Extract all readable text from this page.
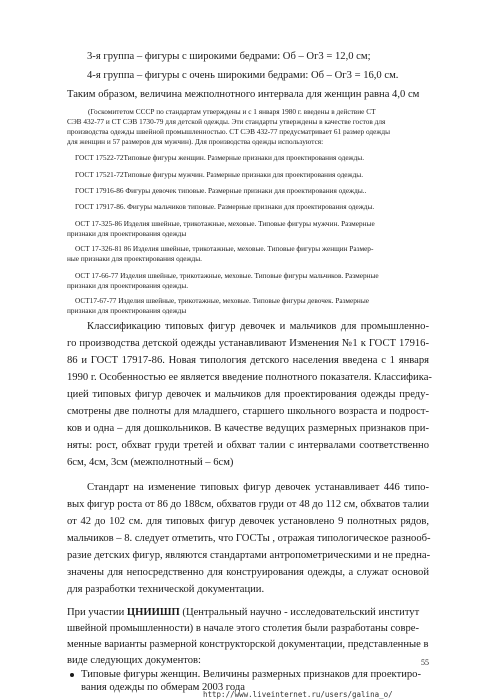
3-я группа – фигуры с широкими бедрами: Об – Ог3 = 12,0 см;
4-я группа – фигуры с очень широкими бедрами: Об – Ог3 = 16,0 см.
Таким образом, величина межполнотного интервала для женщин равна 4,0 см
(Госкомитетом СССР по стандартам утверждены и с 1 января 1980 г. введены в действие СТ
СЭВ 432-77 и СТ СЭВ 1730-79 для детской одежды. Эти стандарты утверждены в качестве гостов для
производства одежды швейной промышленностью. СТ СЭВ 432-77 предусматривает 61 размер одежды
для женщин и 57 размеров для мужчин). Для производства одежды используются:
ГОСТ 17522-72Типовые фигуры женщин. Размерные признаки для проектирования одежды.
ГОСТ 17521-72Типовые фигуры мужчин. Размерные признаки для проектирования одежды.
ГОСТ 17916-86 Фигуры девочек типовые. Размерные признаки для проектирования одежды..
ГОСТ 17917-86. Фигуры мальчиков типовые. Размерные признаки для проектирования одежды.
ОСТ 17-325-86 Изделия швейные, трикотажные, меховые. Типовые фигуры мужчин. Размерные
признаки для проектирования одежды
ОСТ 17-326-81 86 Изделия швейные, трикотажные, меховые. Типовые фигуры женщин Размер-
ные признаки для проектирования одежды.
ОСТ 17-66-77 Изделия швейные, трикотажные, меховые. Типовые фигуры мальчиков. Размерные
признаки для проектирования одежды.
ОСТ17-67-77 Изделия швейные, трикотажные, меховые. Типовые фигуры девочек. Размерные
признаки для проектирования одежды
Классификацию типовых фигур девочек и мальчиков для промышленно-
го производства детской одежды устанавливают Изменения №1 к ГОСТ 17916-
86 и ГОСТ 17917-86. Новая типология детского населения введена с 1 января
1990 г. Особенностью ее является введение полнотного показателя. Классифика-
цией типовых фигур девочек и мальчиков для проектирования одежды преду-
смотрены две полноты для младшего, старшего школьного возраста и подрост-
ков и одна – для дошкольников. В качестве ведущих размерных признаков при-
няты: рост, обхват груди третей и обхват талии с интервалами соответственно
6см, 4см, 3см (межполнотный – 6см)
Стандарт на изменение типовых фигур девочек устанавливает 446 типо-
вых фигур роста от 86 до 188см, обхватов груди от 48 до 112 см, обхватов талии
от 42 до 102 см. для типовых фигур девочек установлено 9 полнотных рядов,
мальчиков – 8. следует отметить, что ГОСТы , отражая типологическое разнооб-
разие детских фигур, являются стандартами антропометрическими и не предна-
значены для непосредственно для конструирования одежды, а служат основой
для разработки технической документации.
При участии ЦНИИШП (Центральный научно - исследовательский институт
швейной промышленности) в начале этого столетия были разработаны совре-
менные варианты размерной конструкторской документации, представленные в
виде следующих документов:
Типовые фигуры женщин. Величины размерных признаков для проектиро-
вания одежды по обмерам 2003 года
55
http://www.liveinternet.ru/users/galina_o/
